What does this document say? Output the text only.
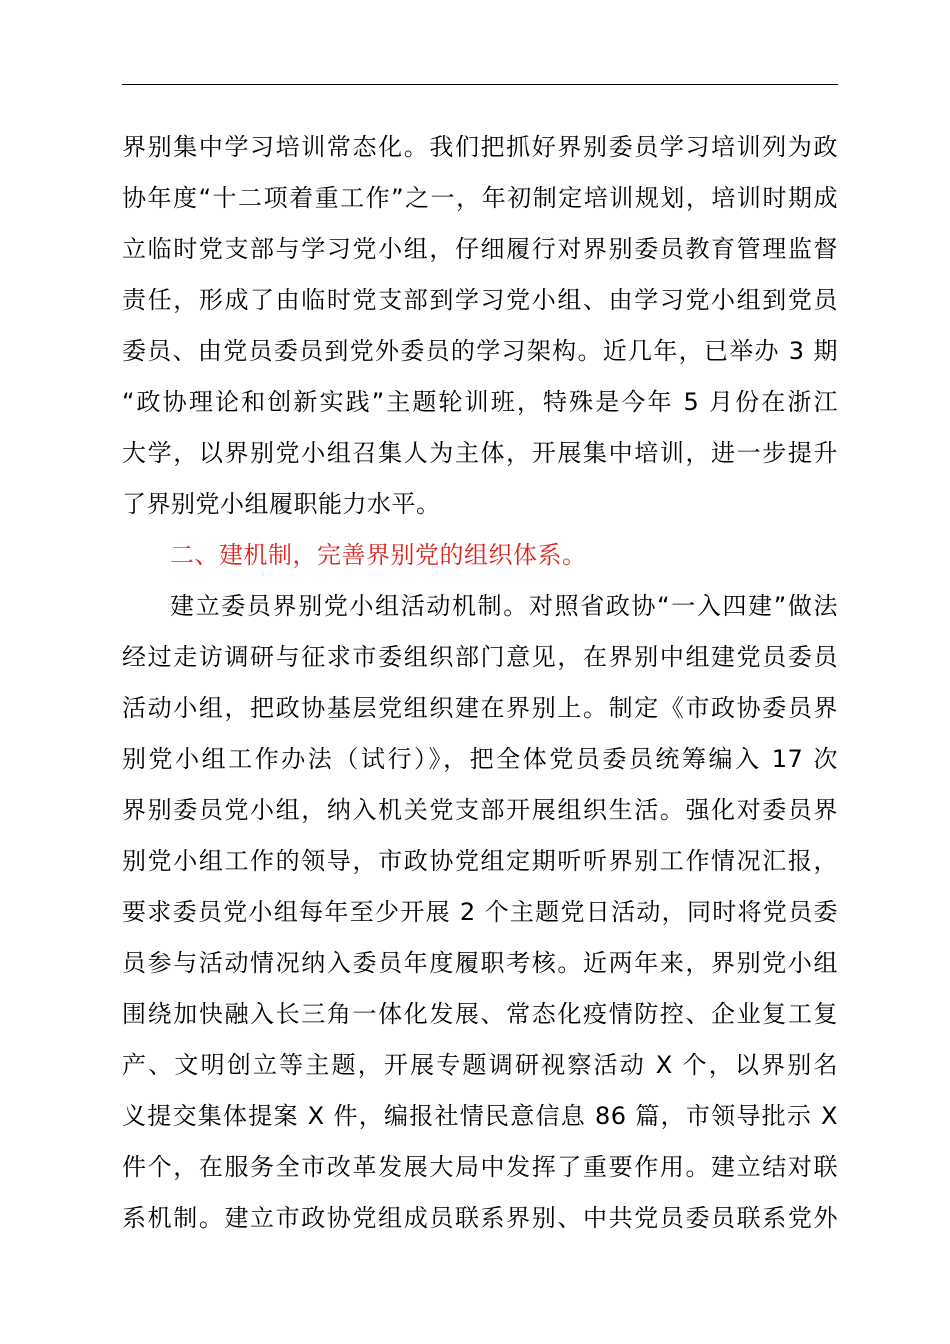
界别集中学习培训常态化。我们把抓好界别委员学习培训列为政
协年度“十二项着重工作”之一，年初制定培训规划，培训时期成
立临时党支部与学习党小组，仔细履行对界别委员教育管理监督
责任，形成了由临时党支部到学习党小组、由学习党小组到党员
委员、由党员委员到党外委员的学习架构。近几年，已举办 3 期
“政协理论和创新实践”主题轮训班，特殊是今年 5 月份在浙江
大学，以界别党小组召集人为主体，开展集中培训，进一步提升
了界别党小组履职能力水平。
二、建机制，完善界别党的组织体系。
建立委员界别党小组活动机制。对照省政协“一入四建”做法
经过走访调研与征求市委组织部门意见，在界别中组建党员委员
活动小组，把政协基层党组织建在界别上。制定《市政协委员界
别党小组工作办法（试行）》，把全体党员委员统筹编入 17 次
界别委员党小组，纳入机关党支部开展组织生活。强化对委员界
别党小组工作的领导，市政协党组定期听听界别工作情况汇报，
要求委员党小组每年至少开展 2 个主题党日活动，同时将党员委
员参与活动情况纳入委员年度履职考核。近两年来，界别党小组
围绕加快融入长三角一体化发展、常态化疫情防控、企业复工复
产、文明创立等主题，开展专题调研视察活动 X 个，以界别名
义提交集体提案 X 件，编报社情民意信息 86 篇，市领导批示 X
件个，在服务全市改革发展大局中发挥了重要作用。建立结对联
系机制。建立市政协党组成员联系界别、中共党员委员联系党外
